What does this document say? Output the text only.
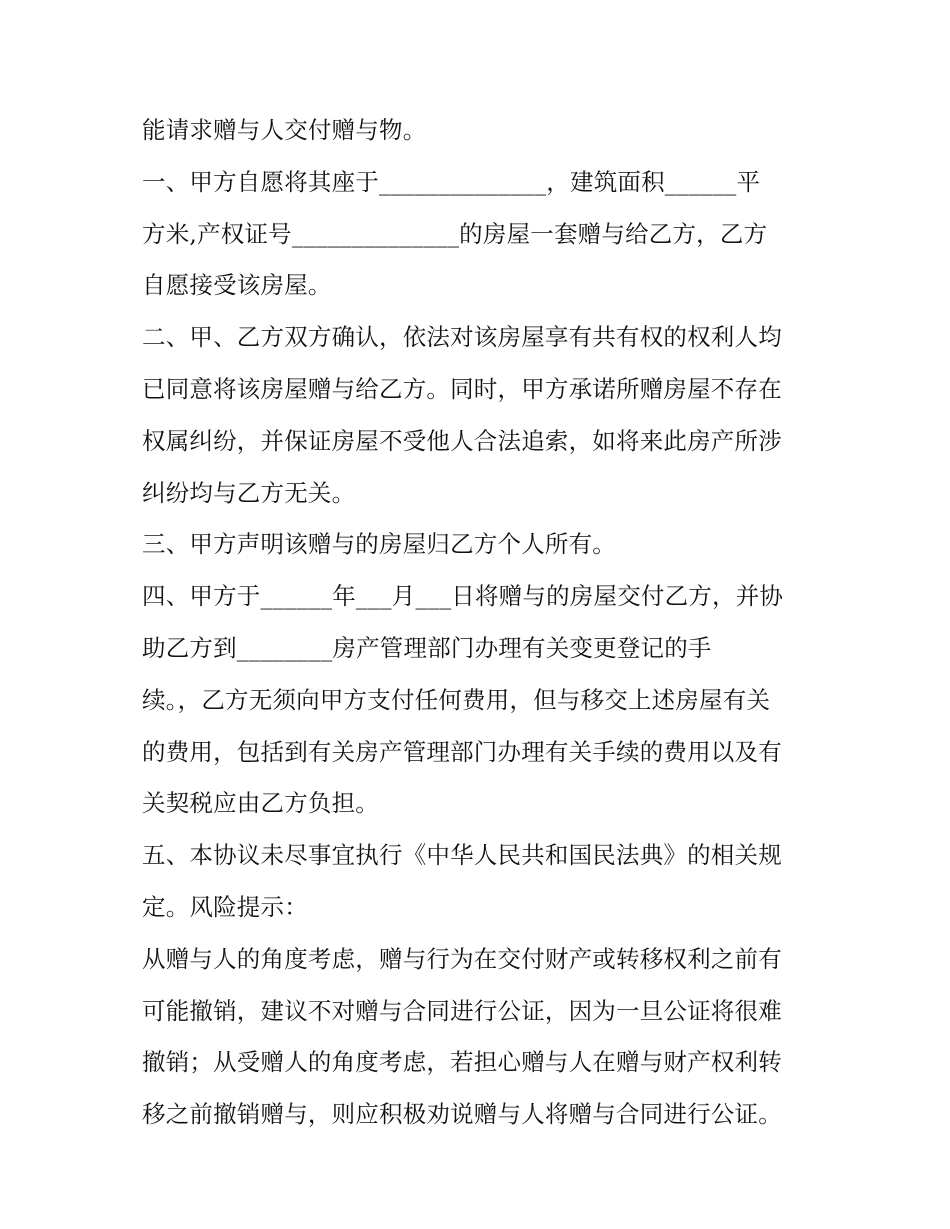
能请求赠与人交付赠与物。
一、甲方自愿将其座于______________，建筑面积______平
方米,产权证号______________的房屋一套赠与给乙方，乙方
自愿接受该房屋。
二、甲、乙方双方确认，依法对该房屋享有共有权的权利人均
已同意将该房屋赠与给乙方。同时，甲方承诺所赠房屋不存在
权属纠纷，并保证房屋不受他人合法追索，如将来此房产所涉
纠纷均与乙方无关。
三、甲方声明该赠与的房屋归乙方个人所有。
四、甲方于______年___月___日将赠与的房屋交付乙方，并协
助乙方到________房产管理部门办理有关变更登记的手
续。，乙方无须向甲方支付任何费用，但与移交上述房屋有关
的费用，包括到有关房产管理部门办理有关手续的费用以及有
关契税应由乙方负担。
五、本协议未尽事宜执行《中华人民共和国民法典》的相关规
定。风险提示：
从赠与人的角度考虑，赠与行为在交付财产或转移权利之前有
可能撤销，建议不对赠与合同进行公证，因为一旦公证将很难
撤销；从受赠人的角度考虑，若担心赠与人在赠与财产权利转
移之前撤销赠与，则应积极劝说赠与人将赠与合同进行公证。
